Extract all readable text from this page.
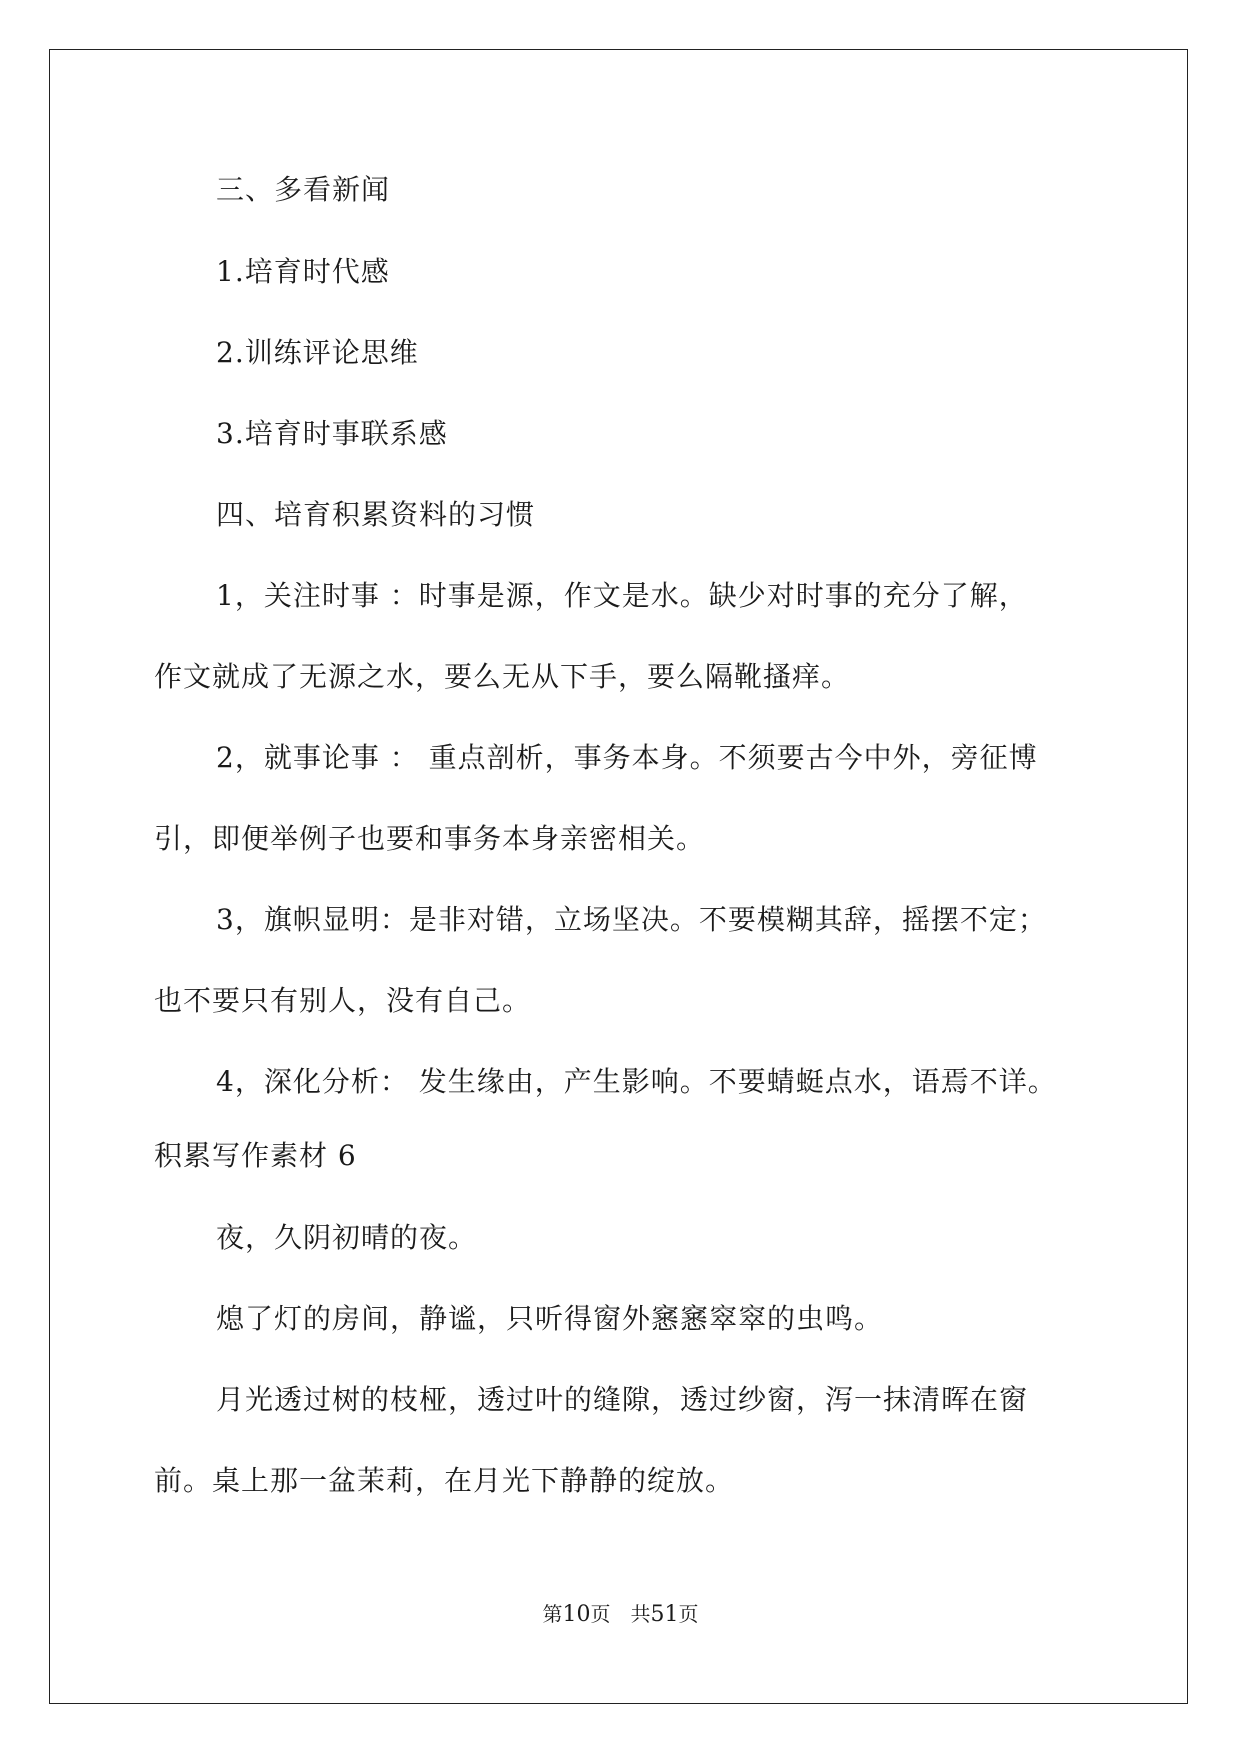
三、多看新闻
1.培育时代感
2.训练评论思维
3.培育时事联系感
四、培育积累资料的习惯
1，关注时事 ：时事是源，作文是水。缺少对时事的充分了解，
作文就成了无源之水，要么无从下手，要么隔靴搔痒。
2，就事论事 ： 重点剖析，事务本身。不须要古今中外，旁征博
引，即便举例子也要和事务本身亲密相关。
3，旗帜显明：是非对错，立场坚决。不要模糊其辞，摇摆不定；
也不要只有别人，没有自己。
4，深化分析： 发生缘由，产生影响。不要蜻蜓点水，语焉不详。
积累写作素材 6
夜，久阴初晴的夜。
熄了灯的房间，静谧，只听得窗外窸窸窣窣的虫鸣。
月光透过树的枝桠，透过叶的缝隙，透过纱窗，泻一抹清晖在窗
前。桌上那一盆茉莉，在月光下静静的绽放。
第10页　共51页
